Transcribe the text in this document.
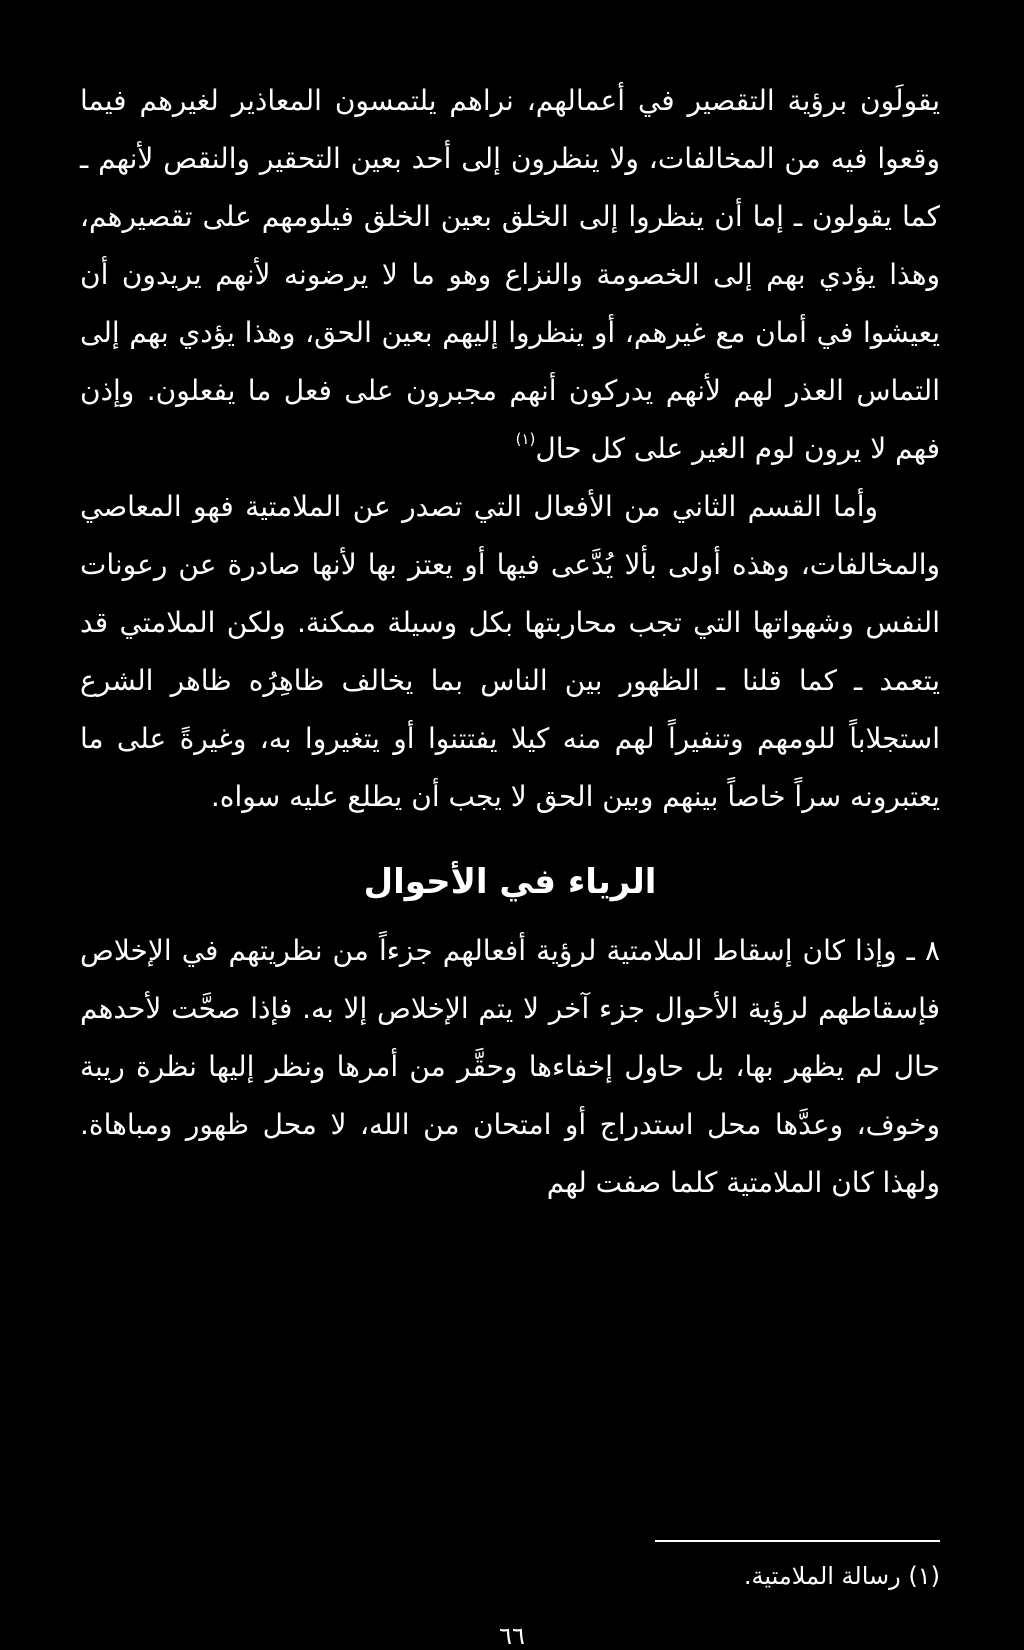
يقولَون برؤية التقصير في أعمالهم، نراهم يلتمسون المعاذير لغيرهم فيما وقعوا فيه من المخالفات، ولا ينظرون إلى أحد بعين التحقير والنقص لأنهم ـ كما يقولون ـ إما أن ينظروا إلى الخلق بعين الخلق فيلومهم على تقصيرهم، وهذا يؤدي بهم إلى الخصومة والنزاع وهو ما لا يرضونه لأنهم يريدون أن يعيشوا في أمان مع غيرهم، أو ينظروا إليهم بعين الحق، وهذا يؤدي بهم إلى التماس العذر لهم لأنهم يدركون أنهم مجبرون على فعل ما يفعلون. وإذن فهم لا يرون لوم الغير على كل حال$^{(١)}$

وأما القسم الثاني من الأفعال التي تصدر عن الملامتية فهو المعاصي والمخالفات، وهذه أولى بألا يُدَّعى فيها أو يعتز بها لأنها صادرة عن رعونات النفس وشهواتها التي تجب محاربتها بكل وسيلة ممكنة. ولكن الملامتي قد يتعمد ـ كما قلنا ـ الظهور بين الناس بما يخالف ظاهِرُه ظاهر الشرع استجلاباً للومهم وتنفيراً لهم منه كيلا يفتتنوا أو يتغيروا به، وغيرةً على ما يعتبرونه سراً خاصاً بينهم وبين الحق لا يجب أن يطلع عليه سواه.

الرياء في الأحوال

٨ ـ وإذا كان إسقاط الملامتية لرؤية أفعالهم جزءاً من نظريتهم في الإخلاص فإسقاطهم لرؤية الأحوال جزء آخر لا يتم الإخلاص إلا به. فإذا صحَّت لأحدهم حال لم يظهر بها، بل حاول إخفاءها وحقَّر من أمرها ونظر إليها نظرة ريبة وخوف، وعدَّها محل استدراج أو امتحان من الله، لا محل ظهور ومباهاة. ولهذا كان الملامتية كلما صفت لهم

(١) رسالة الملامتية.
٦٦
